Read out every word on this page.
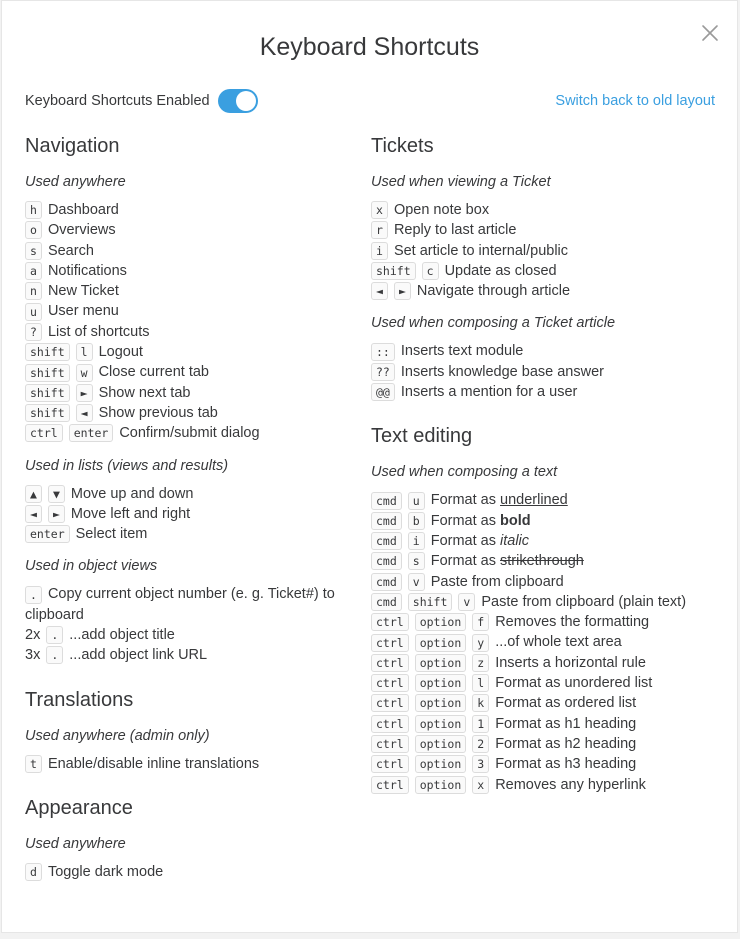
Keyboard Shortcuts
Keyboard Shortcuts Enabled	Switch back to old layout
Navigation
Used anywhere
h Dashboard
o Overviews
s Search
a Notifications
n New Ticket
u User menu
? List of shortcuts
shift	l Logout
shift	w Close current tab
shift	► Show next tab
shift	◄ Show previous tab
ctrl	enter Confirm/submit dialog
Used in lists (views and results)
▲	▼ Move up and down
◄	► Move left and right
enter Select item
Used in object views
. Copy current object number (e. g. Ticket#) to clipboard
2x . ...add object title
3x . ...add object link URL
Translations
Used anywhere (admin only)
t Enable/disable inline translations
Appearance
Used anywhere
d Toggle dark mode
Tickets
Used when viewing a Ticket
x Open note box
r Reply to last article
i Set article to internal/public
shift	c Update as closed
◄	► Navigate through article
Used when composing a Ticket article
:: Inserts text module
?? Inserts knowledge base answer
@@ Inserts a mention for a user
Text editing
Used when composing a text
cmd	u Format as underlined
cmd	b Format as bold
cmd	i Format as italic
cmd	s Format as strikethrough
cmd	v Paste from clipboard
cmd	shift	v Paste from clipboard (plain text)
ctrl	option	f Removes the formatting
ctrl	option	y ...of whole text area
ctrl	option	z Inserts a horizontal rule
ctrl	option	l Format as unordered list
ctrl	option	k Format as ordered list
ctrl	option	1 Format as h1 heading
ctrl	option	2 Format as h2 heading
ctrl	option	3 Format as h3 heading
ctrl	option	x Removes any hyperlink
